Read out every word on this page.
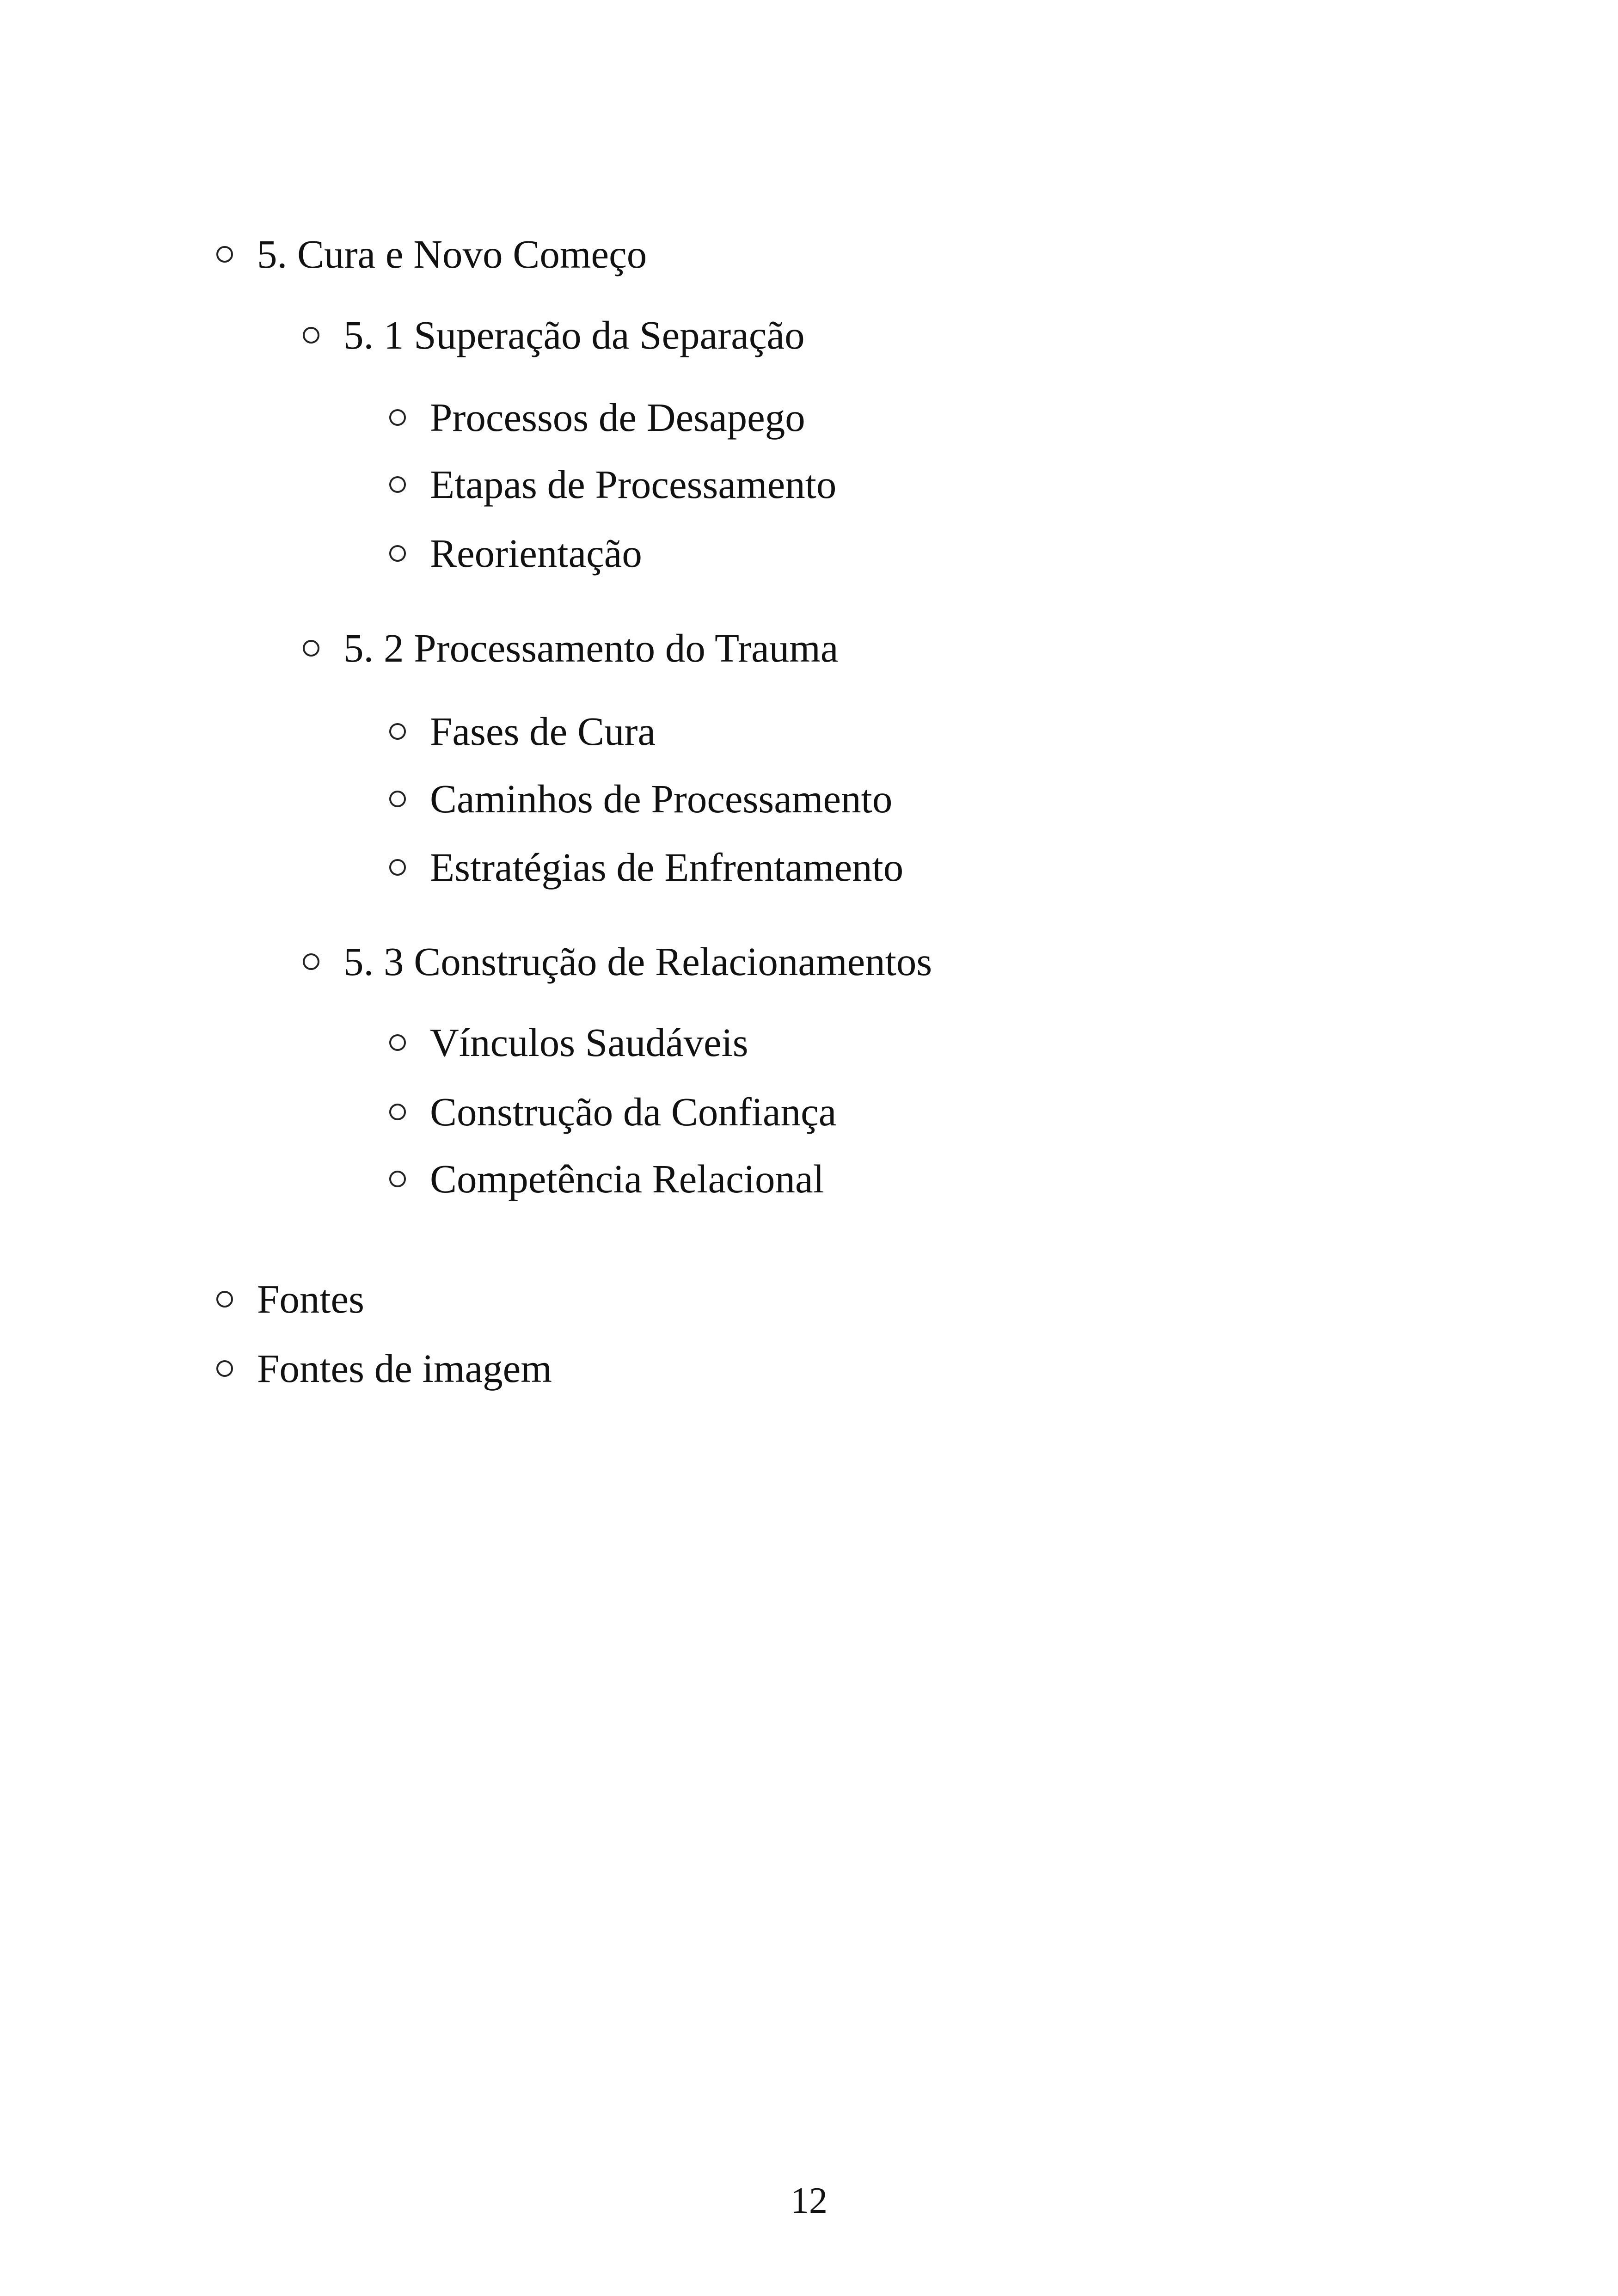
5. Cura e Novo Começo
5. 1 Superação da Separação
Processos de Desapego
Etapas de Processamento
Reorientação
5. 2 Processamento do Trauma
Fases de Cura
Caminhos de Processamento
Estratégias de Enfrentamento
5. 3 Construção de Relacionamentos
Vínculos Saudáveis
Construção da Confiança
Competência Relacional
Fontes
Fontes de imagem
12
